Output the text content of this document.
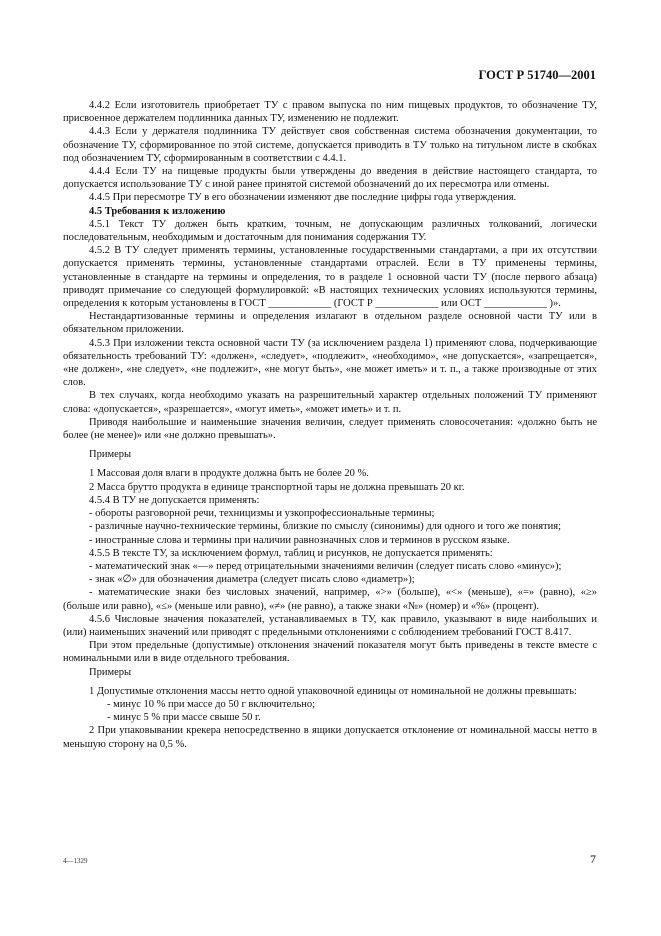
ГОСТ Р 51740—2001

4.4.2 Если изготовитель приобретает ТУ с правом выпуска по ним пищевых продуктов, то обозначение ТУ, присвоенное держателем подлинника данных ТУ, изменению не подлежит.

4.4.3 Если у держателя подлинника ТУ действует своя собственная система обозначения документации, то обозначение ТУ, сформированное по этой системе, допускается приводить в ТУ только на титульном листе в скобках под обозначением ТУ, сформированным в соответствии с 4.4.1.

4.4.4 Если ТУ на пищевые продукты были утверждены до введения в действие настоящего стандарта, то допускается использование ТУ с иной ранее принятой системой обозначений до их пересмотра или отмены.

4.4.5 При пересмотре ТУ в его обозначении изменяют две последние цифры года утверждения.

4.5 Требования к изложению

4.5.1 Текст ТУ должен быть кратким, точным, не допускающим различных толкований, логически последовательным, необходимым и достаточным для понимания содержания ТУ.

4.5.2 В ТУ следует применять термины, установленные государственными стандартами, а при их отсутствии допускается применять термины, установленные стандартами отраслей. Если в ТУ применены термины, установленные в стандарте на термины и определения, то в разделе 1 основной части ТУ (после первого абзаца) приводят примечание со следующей формулировкой: «В настоящих технических условиях используются термины, определения к которым установлены в ГОСТ ____________ (ГОСТ Р ____________ или ОСТ ____________ )».

Нестандартизованные термины и определения излагают в отдельном разделе основной части ТУ или в обязательном приложении.

4.5.3 При изложении текста основной части ТУ (за исключением раздела 1) применяют слова, подчеркивающие обязательность требований ТУ: «должен», «следует», «подлежит», «необходимо», «не допускается», «запрещается», «не должен», «не следует», «не подлежит», «не могут быть», «не может иметь» и т. п., а также производные от этих слов.

В тех случаях, когда необходимо указать на разрешительный характер отдельных положений ТУ применяют слова: «допускается», «разрешается», «могут иметь», «может иметь» и т. п.

Приводя наибольшие и наименьшие значения величин, следует применять словосочетания: «должно быть не более (не менее)» или «не должно превышать».

Примеры

1 Массовая доля влаги в продукте должна быть не более 20 %.

2 Масса брутто продукта в единице транспортной тары не должна превышать 20 кг.

4.5.4 В ТУ не допускается применять:

- обороты разговорной речи, техницизмы и узкопрофессиональные термины;

- различные научно-технические термины, близкие по смыслу (синонимы) для одного и того же понятия;

- иностранные слова и термины при наличии равнозначных слов и терминов в русском языке.

4.5.5 В тексте ТУ, за исключением формул, таблиц и рисунков, не допускается применять:

- математический знак «—» перед отрицательными значениями величин (следует писать слово «минус»);

- знак «∅» для обозначения диаметра (следует писать слово «диаметр»);

- математические знаки без числовых значений, например, «>» (больше), «<» (меньше), «=» (равно), «≥» (больше или равно), «≤» (меньше или равно), «≠» (не равно), а также знаки «№» (номер) и «%» (процент).

4.5.6 Числовые значения показателей, устанавливаемых в ТУ, как правило, указывают в виде наибольших и (или) наименьших значений или приводят с предельными отклонениями с соблюдением требований ГОСТ 8.417.

При этом предельные (допустимые) отклонения значений показателя могут быть приведены в тексте вместе с номинальными или в виде отдельного требования.

Примеры

1 Допустимые отклонения массы нетто одной упаковочной единицы от номинальной не должны превышать:

- минус 10 % при массе до 50 г включительно;

- минус 5 % при массе свыше 50 г.

2 При упаковывании крекера непосредственно в ящики допускается отклонение от номинальной массы нетто в меньшую сторону на 0,5 %.

4—1329	7
